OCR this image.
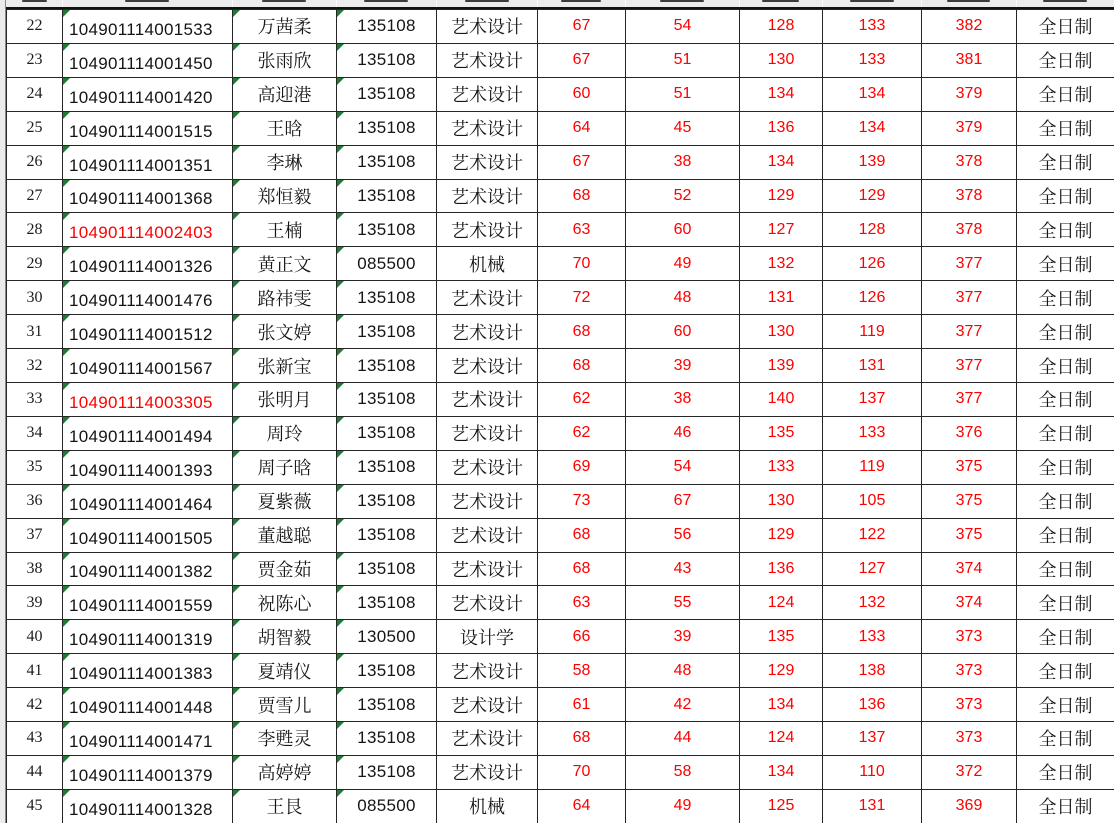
22	104901114001533	万茜柔	135108	艺术设计	67	54	128	133	382	全日制

23	104901114001450	张雨欣	135108	艺术设计	67	51	130	133	381	全日制

24	104901114001420	高迎港	135108	艺术设计	60	51	134	134	379	全日制

25	104901114001515	王晗	135108	艺术设计	64	45	136	134	379	全日制

26	104901114001351	李琳	135108	艺术设计	67	38	134	139	378	全日制

27	104901114001368	郑恒毅	135108	艺术设计	68	52	129	129	378	全日制

28	104901114002403	王楠	135108	艺术设计	63	60	127	128	378	全日制

29	104901114001326	黄正文	085500	机械	70	49	132	126	377	全日制

30	104901114001476	路祎雯	135108	艺术设计	72	48	131	126	377	全日制

31	104901114001512	张文婷	135108	艺术设计	68	60	130	119	377	全日制

32	104901114001567	张新宝	135108	艺术设计	68	39	139	131	377	全日制

33	104901114003305	张明月	135108	艺术设计	62	38	140	137	377	全日制

34	104901114001494	周玲	135108	艺术设计	62	46	135	133	376	全日制

35	104901114001393	周子晗	135108	艺术设计	69	54	133	119	375	全日制

36	104901114001464	夏紫薇	135108	艺术设计	73	67	130	105	375	全日制

37	104901114001505	董越聪	135108	艺术设计	68	56	129	122	375	全日制

38	104901114001382	贾金茹	135108	艺术设计	68	43	136	127	374	全日制

39	104901114001559	祝陈心	135108	艺术设计	63	55	124	132	374	全日制

40	104901114001319	胡智毅	130500	设计学	66	39	135	133	373	全日制

41	104901114001383	夏靖仪	135108	艺术设计	58	48	129	138	373	全日制

42	104901114001448	贾雪儿	135108	艺术设计	61	42	134	136	373	全日制

43	104901114001471	李甦灵	135108	艺术设计	68	44	124	137	373	全日制

44	104901114001379	高婷婷	135108	艺术设计	70	58	134	110	372	全日制

45	104901114001328	王艮	085500	机械	64	49	125	131	369	全日制
